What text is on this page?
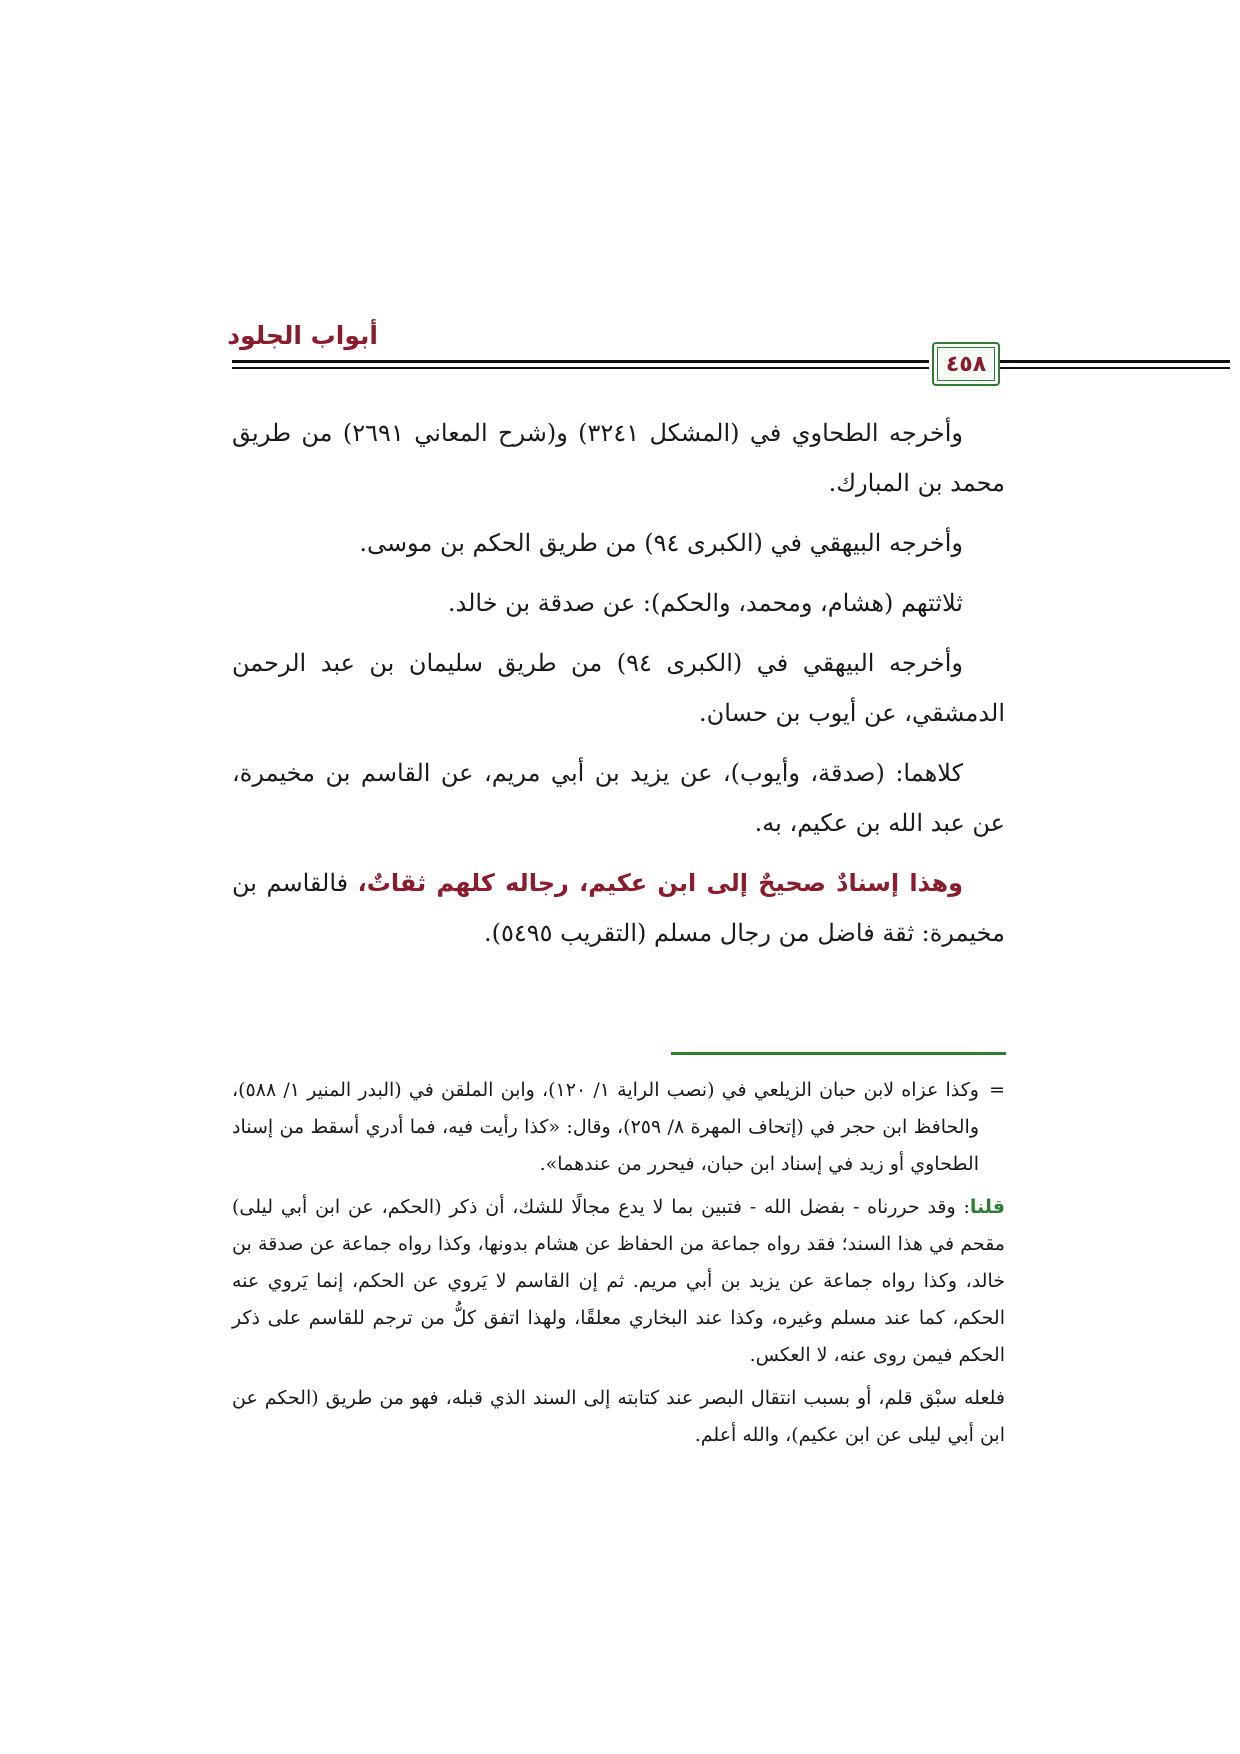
أبواب الجلود
٤٥٨

وأخرجه الطحاوي في (المشكل ٣٢٤١) و(شرح المعاني ٢٦٩١) من طريق محمد بن المبارك.

وأخرجه البيهقي في (الكبرى ٩٤) من طريق الحكم بن موسى.

ثلاثتهم (هشام، ومحمد، والحكم): عن صدقة بن خالد.

وأخرجه البيهقي في (الكبرى ٩٤) من طريق سليمان بن عبد الرحمن الدمشقي، عن أيوب بن حسان.

كلاهما: (صدقة، وأيوب)، عن يزيد بن أبي مريم، عن القاسم بن مخيمرة، عن عبد الله بن عكيم، به.

وهذا إسنادٌ صحيحٌ إلى ابن عكيم، رجاله كلهم ثقاتٌ، فالقاسم بن مخيمرة: ثقة فاضل من رجال مسلم (التقريب ٥٤٩٥).

=
وكذا عزاه لابن حبان الزيلعي في (نصب الراية ١/ ١٢٠)، وابن الملقن في (البدر المنير ١/ ٥٨٨)، والحافظ ابن حجر في (إتحاف المهرة ٨/ ٢٥٩)، وقال: «كذا رأيت فيه، فما أدري أسقط من إسناد الطحاوي أو زيد في إسناد ابن حبان، فيحرر من عندهما».

قلنا: وقد حررناه - بفضل الله - فتبين بما لا يدع مجالًا للشك، أن ذكر (الحكم، عن ابن أبي ليلى) مقحم في هذا السند؛ فقد رواه جماعة من الحفاظ عن هشام بدونها، وكذا رواه جماعة عن صدقة بن خالد، وكذا رواه جماعة عن يزيد بن أبي مريم. ثم إن القاسم لا يَروي عن الحكم، إنما يَروي عنه الحكم، كما عند مسلم وغيره، وكذا عند البخاري معلقًا، ولهذا اتفق كلُّ من ترجم للقاسم على ذكر الحكم فيمن روى عنه، لا العكس.

فلعله سبْق قلم، أو بسبب انتقال البصر عند كتابته إلى السند الذي قبله، فهو من طريق (الحكم عن ابن أبي ليلى عن ابن عكيم)، والله أعلم.
